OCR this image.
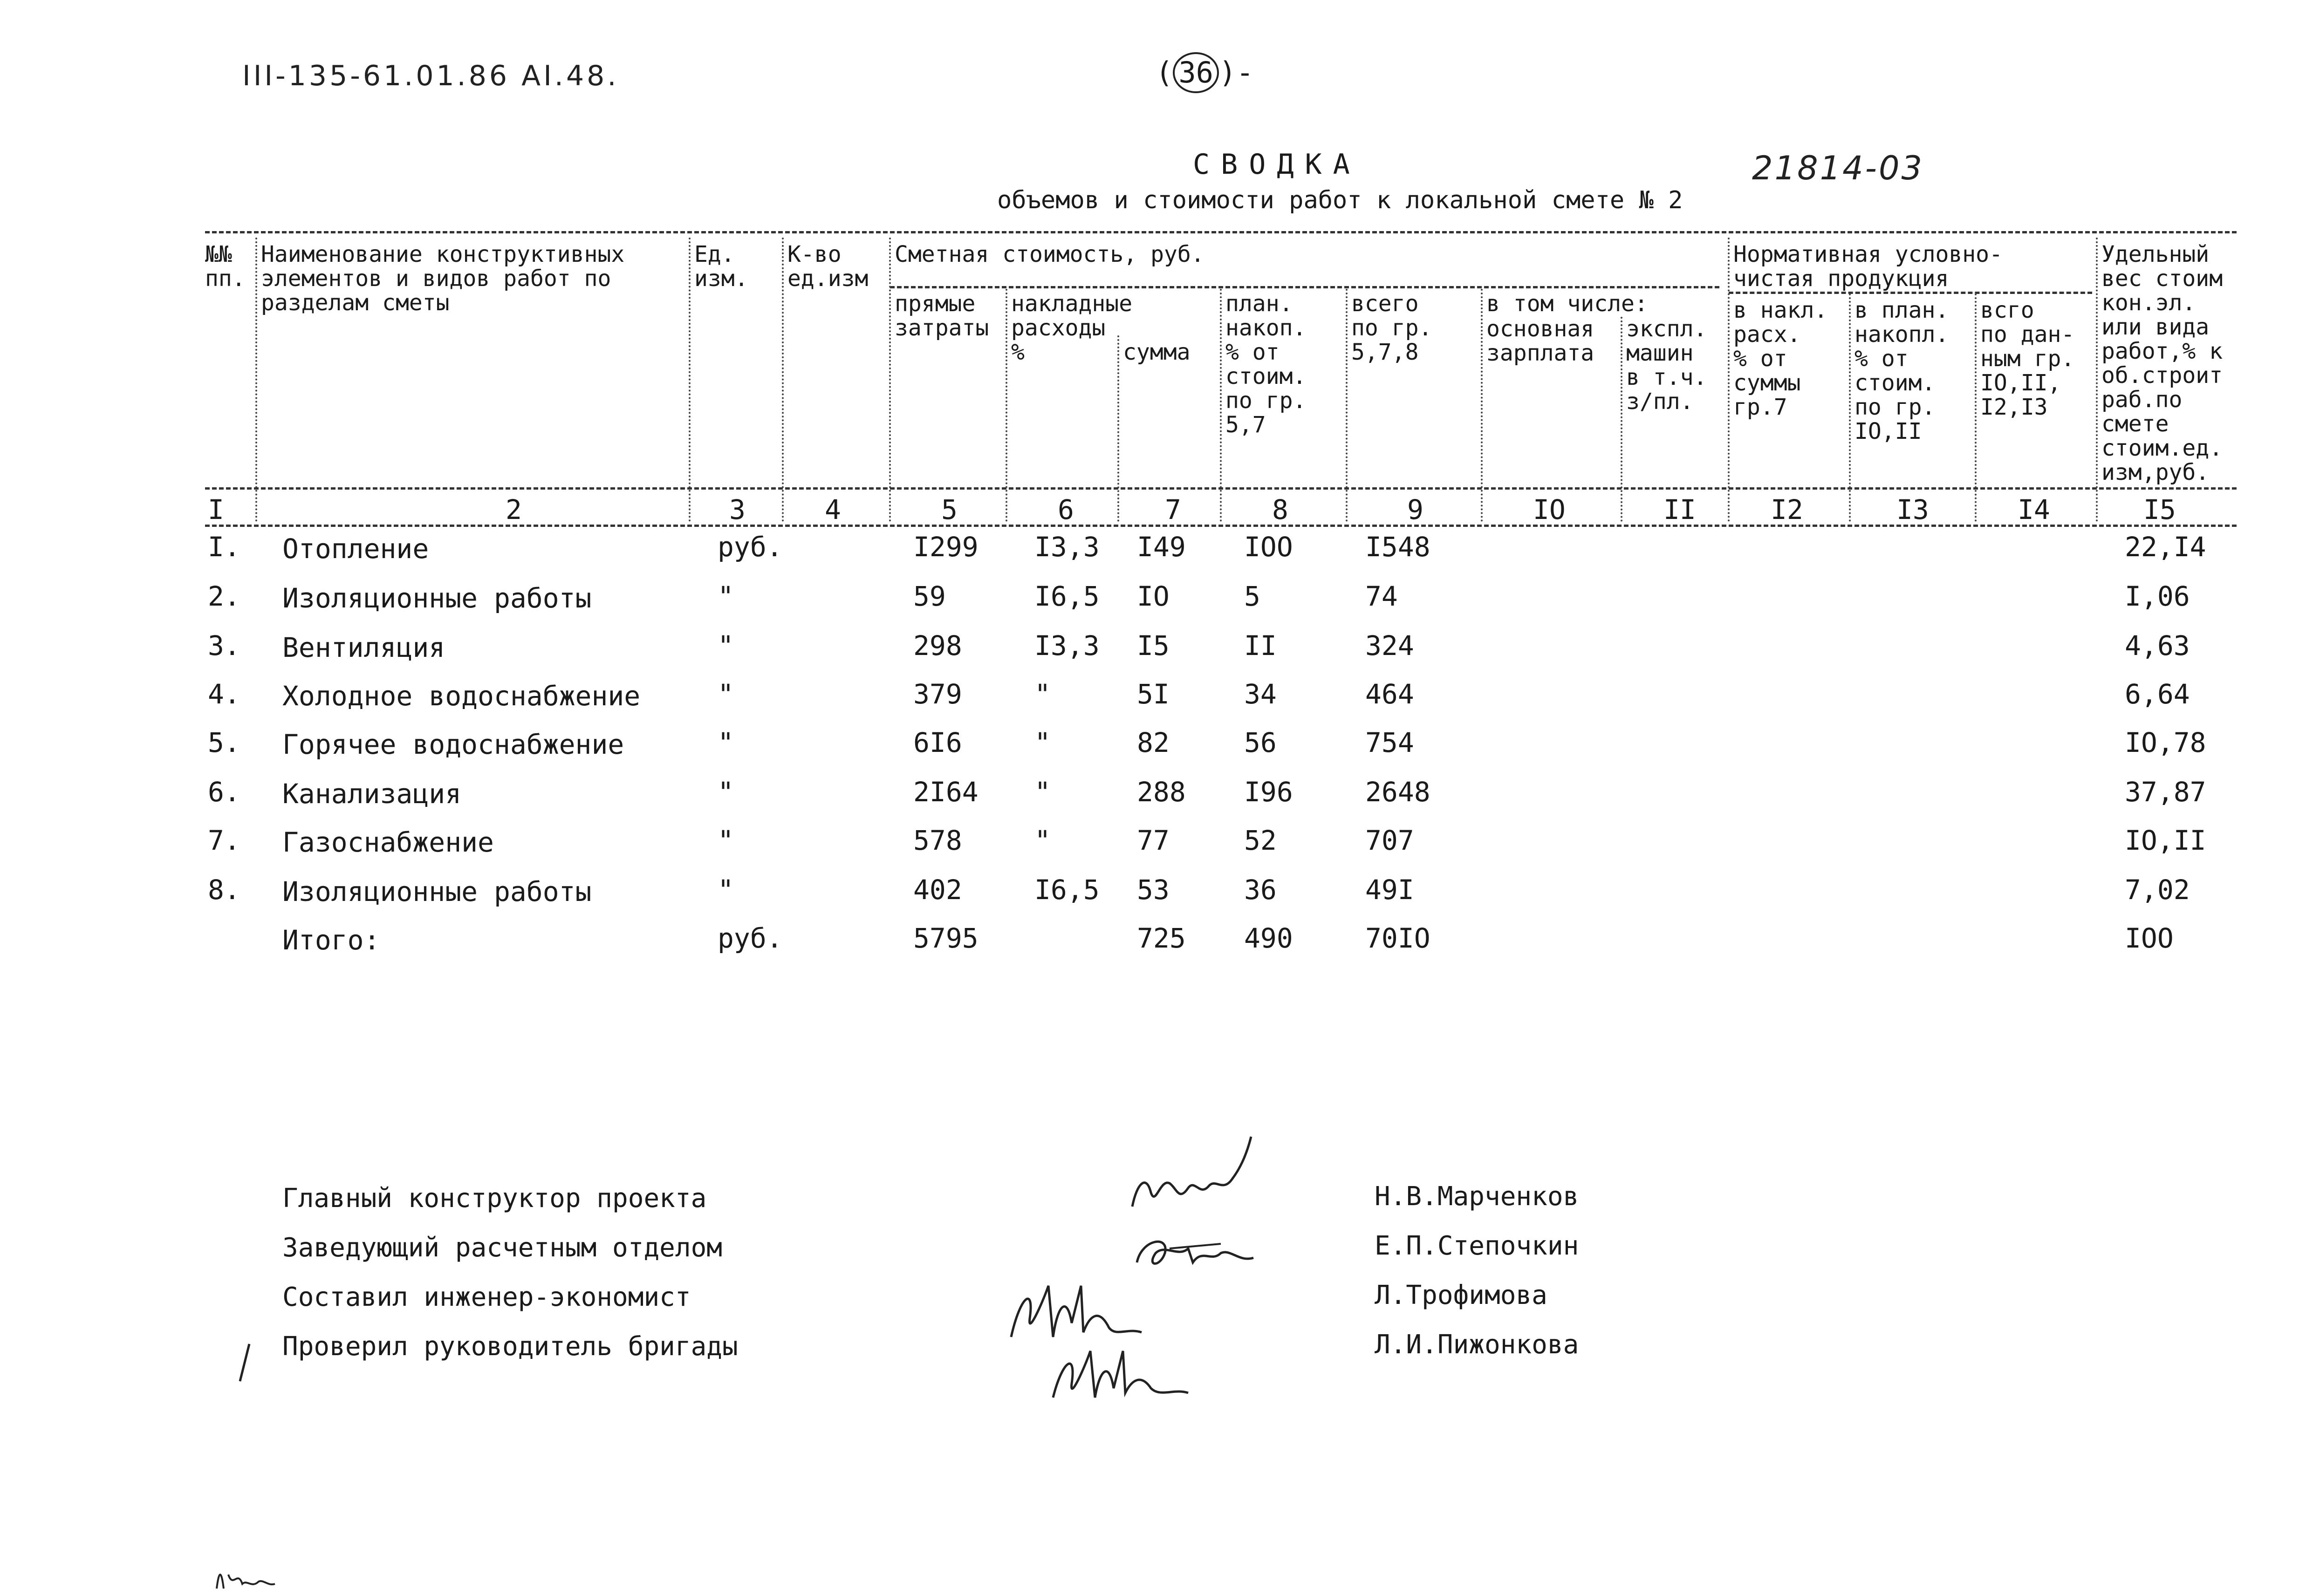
III-135-61.01.86 AI.48.	( 36 )-
21814-03
СВОДКА
объемов и стоимости работ к локальной смете № 2
№№
пп.
Наименование конструктивных
элементов и видов работ по
разделам сметы
Ед.
изм.
К-во
ед.изм
Сметная стоимость, руб.
прямые
затраты
накладные
расходы
%	сумма
план.
накоп.
% от
стоим.
по гр.
5,7
всего
по гр.
5,7,8
в том числе:
основная
зарплата
экспл.
машин
в т.ч.
з/пл.
Нормативная условно-
чистая продукция
в накл.
расх.
% от
суммы
гр.7
в план.
накопл.
% от
стоим.
по гр.
IO,II
всго
по дан-
ным гр.
IO,II,
I2,I3
Удельный
вес стоим
кон.эл.
или вида
работ,% к
об.строит
раб.по
смете
стоим.ед.
изм,руб.
I	2	3	4	5	6	7	8	9	IO	II	I2	I3	I4	I5
I. Отопление	руб.	I299 I3,3 I49 IOO	I548	22,I4
2. Изоляционные работы	"	59	I6,5 IO	5	74	I,06
3. Вентиляция	"	298	I3,3 I5	II	324	4,63
4. Холодное водоснабжение	"	379	"	5I	34	464	6,64
5. Горячее водоснабжение	"	6I6	"	82	56	754	IO,78
6. Канализация	"	2I64 "	288 I96	2648	37,87
7. Газоснабжение	"	578	"	77	52	707	IO,II
8. Изоляционные работы	"	402	I6,5 53	36	49I	7,02
Итого:	руб.	5795	725 490	70IO	IOO
Главный конструктор проекта
Заведующий расчетным отделом
Составил инженер-экономист
Проверил руководитель бригады
Н.В.Марченков
Е.П.Степочкин
Л.Трофимова
Л.И.Пижонкова
